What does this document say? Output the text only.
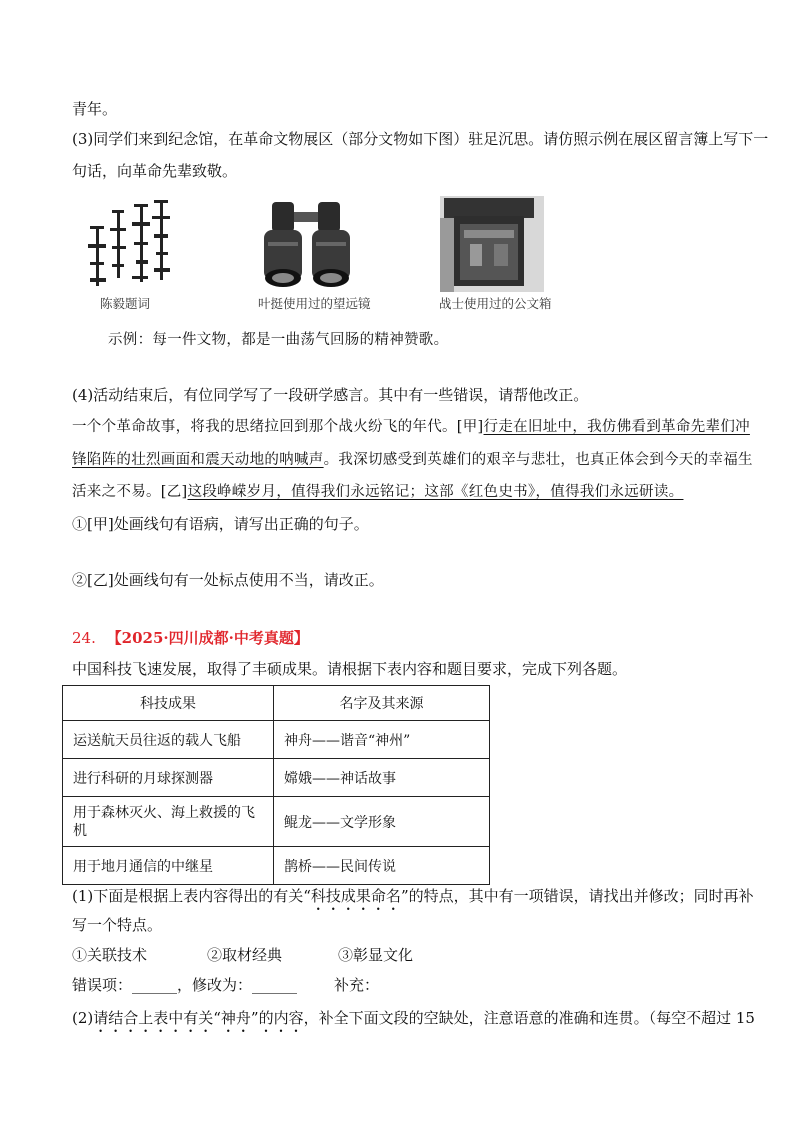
青年。
(3)同学们来到纪念馆，在革命文物展区（部分文物如下图）驻足沉思。请仿照示例在展区留言簿上写下一
句话，向革命先辈致敬。
新四军军部旧址纪念馆 一九六三年七月 陈毅敬题
陈毅题词	叶挺使用过的望远镜	战士使用过的公文箱
示例：每一件文物，都是一曲荡气回肠的精神赞歌。
(4)活动结束后，有位同学写了一段研学感言。其中有一些错误，请帮他改正。
一个个革命故事，将我的思绪拉回到那个战火纷飞的年代。[甲]行走在旧址中，我仿佛看到革命先辈们冲
锋陷阵的壮烈画面和震天动地的呐喊声。我深切感受到英雄们的艰辛与悲壮，也真正体会到今天的幸福生
活来之不易。[乙]这段峥嵘岁月，值得我们永远铭记；这部《红色史书》，值得我们永远研读。
①[甲]处画线句有语病，请写出正确的句子。
②[乙]处画线句有一处标点使用不当，请改正。
24. 【2025·四川成都·中考真题】
中国科技飞速发展，取得了丰硕成果。请根据下表内容和题目要求，完成下列各题。
科技成果	名字及其来源
运送航天员往返的载人飞船	神舟——谐音“神州”
进行科研的月球探测器	嫦娥——神话故事
用于森林灭火、海上救援的飞机	鲲龙——文学形象
用于地月通信的中继星	鹊桥——民间传说
(1)下面是根据上表内容得出的有关“科技成果命名”的特点，其中有一项错误，请找出并修改；同时再补
写一个特点。
①关联技术	②取材经典	③彰显文化
错误项：______，修改为：______ 补充：
(2)请结合上表中有关“神舟”的内容，补全下面文段的空缺处，注意语意的准确和连贯。（每空不超过 15
